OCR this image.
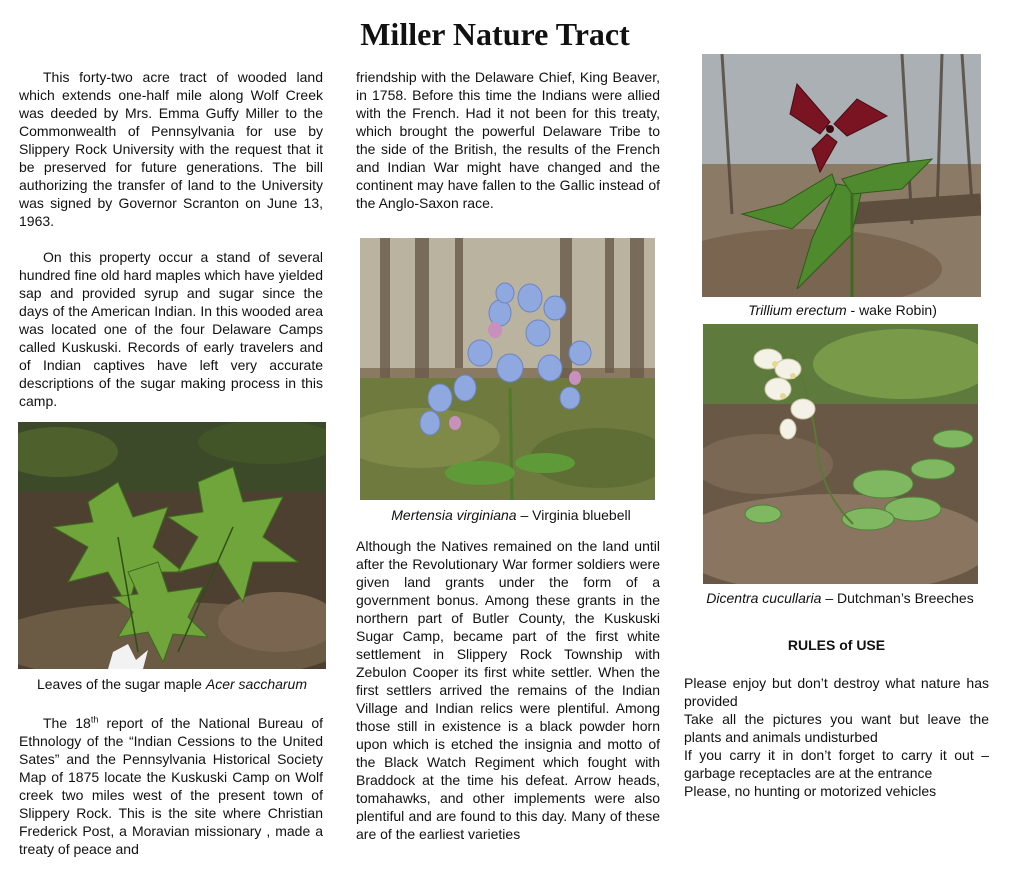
Miller Nature Tract

This forty-two acre tract of wooded land which extends one-half mile along Wolf Creek was deeded by Mrs. Emma Guffy Miller to the Commonwealth of Pennsylvania for use by Slippery Rock University with the request that it be preserved for future generations. The bill authorizing the transfer of land to the University was signed by Governor Scranton on June 13, 1963.

On this property occur a stand of several hundred fine old hard maples which have yielded sap and provided syrup and sugar since the days of the American Indian. In this wooded area was located one of the four Delaware Camps called Kuskuski. Records of early travelers and of Indian captives have left very accurate descriptions of the sugar making process in this camp.

Leaves of the sugar maple Acer saccharum

The 18th report of the National Bureau of Ethnology of the “Indian Cessions to the United Sates” and the Pennsylvania Historical Society Map of 1875 locate the Kuskuski Camp on Wolf creek two miles west of the present town of Slippery Rock. This is the site where Christian Frederick Post, a Moravian missionary , made a treaty of peace and

friendship with the Delaware Chief, King Beaver, in 1758. Before this time the Indians were allied with the French. Had it not been for this treaty, which brought the powerful Delaware Tribe to the side of the British, the results of the French and Indian War might have changed and the continent may have fallen to the Gallic instead of the Anglo-Saxon race.

Mertensia virginiana – Virginia bluebell

Although the Natives remained on the land until after the Revolutionary War former soldiers were given land grants under the form of a government bonus. Among these grants in the northern part of Butler County, the Kuskuski Sugar Camp, became part of the first white settlement in Slippery Rock Township with Zebulon Cooper its first white settler. When the first settlers arrived the remains of the Indian Village and Indian relics were plentiful. Among those still in existence is a black powder horn upon which is etched the insignia and motto of the Black Watch Regiment which fought with Braddock at the time his defeat. Arrow heads, tomahawks, and other implements were also plentiful and are found to this day. Many of these are of the earliest varieties

Trillium erectum - wake Robin)
Dicentra cucullaria – Dutchman’s Breeches
RULES of USE

Please enjoy but don’t destroy what nature has provided

Take all the pictures you want but leave the plants and animals undisturbed

If you carry it in don’t forget to carry it out – garbage receptacles are at the entrance

Please, no hunting or motorized vehicles
